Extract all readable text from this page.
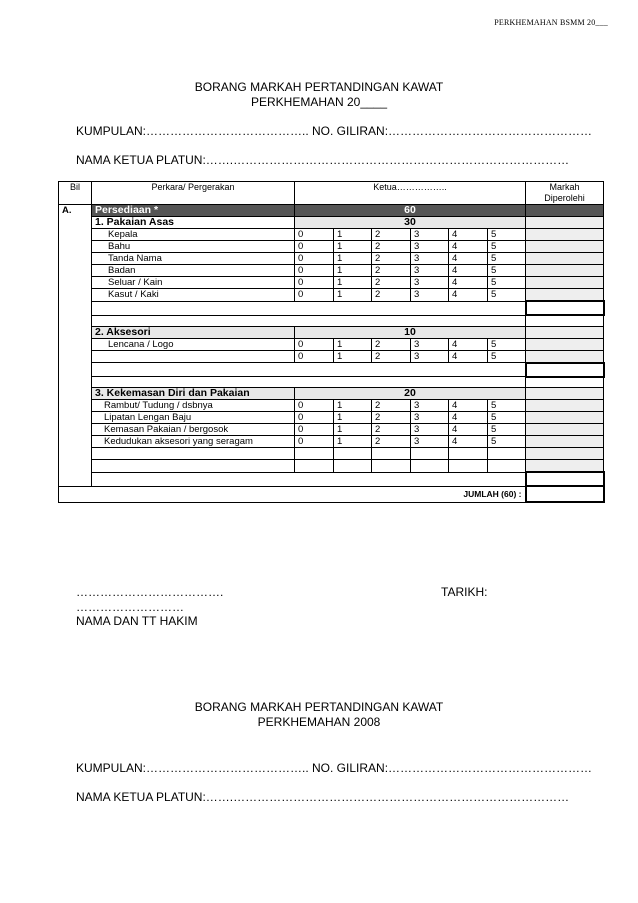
PERKHEMAHAN BSMM 20___
BORANG MARKAH PERTANDINGAN KAWAT
PERKHEMAHAN 20____
KUMPULAN:………………………………….. NO. GILIRAN:……………………………………………
NAMA KETUA PLATUN:…….…………………………………………………………………………
Bil	Perkara/ Pergerakan	Ketua……………..						Markah Diperolehi
A.	Persediaan *	60						
	1. Pakaian Asas	30						
	Kepala	0	1	2	3	4	5	
	Bahu	0	1	2	3	4	5	
	Tanda Nama	0	1	2	3	4	5	
	Badan	0	1	2	3	4	5	
	Seluar / Kain	0	1	2	3	4	5	
	Kasut / Kaki	0	1	2	3	4	5	

	2. Aksesori	10						
	Lencana / Logo	0	1	2	3	4	5	
		0	1	2	3	4	5	

	3. Kekemasan Diri dan Pakaian	20						
	Rambut/ Tudung / dsbnya	0	1	2	3	4	5	
	Lipatan Lengan Baju	0	1	2	3	4	5	
	Kemasan Pakaian / bergosok	0	1	2	3	4	5	
	Kedudukan aksesori yang seragam	0	1	2	3	4	5	

JUMLAH (60) :								
……………………………….
………………………
NAMA DAN TT HAKIM
TARIKH:
BORANG MARKAH PERTANDINGAN KAWAT
PERKHEMAHAN 2008
KUMPULAN:………………………………….. NO. GILIRAN:……………………………………………
NAMA KETUA PLATUN:…….…………………………………………………………………………
